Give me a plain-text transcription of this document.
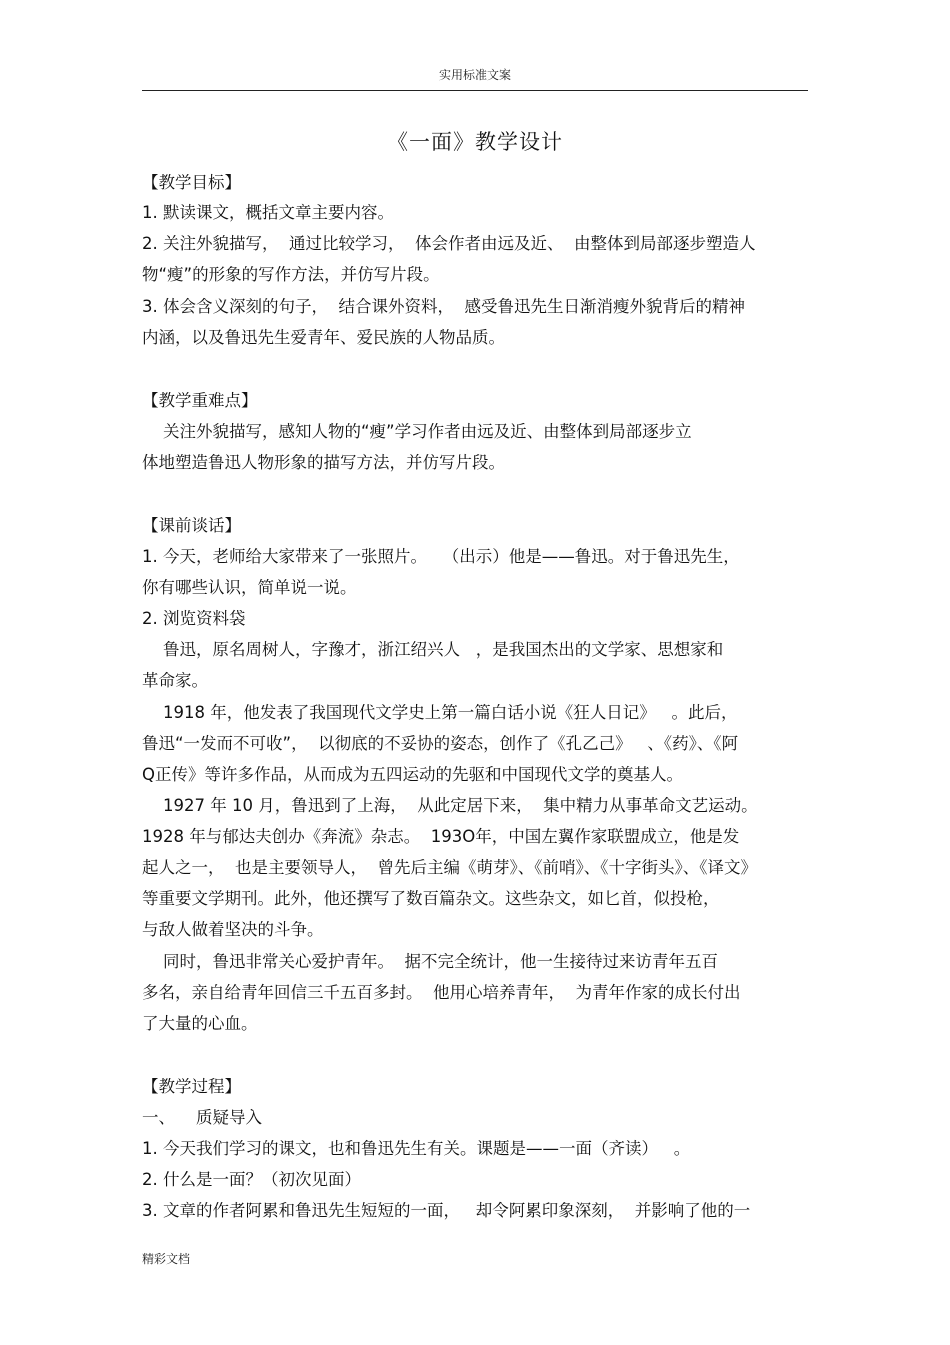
实用标准文案
《一面》教学设计
【教学目标】
1. 默读课文，概括文章主要内容。
2. 关注外貌描写，  通过比较学习，  体会作者由远及近、  由整体到局部逐步塑造人
物“瘦”的形象的写作方法，并仿写片段。
3. 体会含义深刻的句子，  结合课外资料，  感受鲁迅先生日渐消瘦外貌背后的精神
内涵，以及鲁迅先生爱青年、爱民族的人物品质。
【教学重难点】
关注外貌描写，感知人物的“瘦”学习作者由远及近、由整体到局部逐步立
体地塑造鲁迅人物形象的描写方法，并仿写片段。
【课前谈话】
1. 今天，老师给大家带来了一张照片。   （出示）他是——鲁迅。对于鲁迅先生，
你有哪些认识，简单说一说。
2. 浏览资料袋
鲁迅，原名周树人，字豫才，浙江绍兴人   ，是我国杰出的文学家、思想家和
革命家。
1918 年，他发表了我国现代文学史上第一篇白话小说《狂人日记》   。此后，
鲁迅“一发而不可收”，  以彻底的不妥协的姿态，创作了《孔乙己》   、《药》、《阿
Q正传》等许多作品，从而成为五四运动的先驱和中国现代文学的奠基人。
1927 年 10 月，鲁迅到了上海，  从此定居下来，  集中精力从事革命文艺运动。
1928 年与郁达夫创办《奔流》杂志。  193O年，中国左翼作家联盟成立，他是发
起人之一，  也是主要领导人，  曾先后主编《萌芽》、《前哨》、《十字街头》、《译文》
等重要文学期刊。此外，他还撰写了数百篇杂文。这些杂文，如匕首，似投枪，
与敌人做着坚决的斗争。
同时，鲁迅非常关心爱护青年。  据不完全统计，他一生接待过来访青年五百
多名，亲自给青年回信三千五百多封。  他用心培养青年，  为青年作家的成长付出
了大量的心血。
【教学过程】
一、    质疑导入
1. 今天我们学习的课文，也和鲁迅先生有关。课题是——一面（齐读）   。
2. 什么是一面？（初次见面）
3. 文章的作者阿累和鲁迅先生短短的一面，   却令阿累印象深刻，  并影响了他的一
精彩文档
